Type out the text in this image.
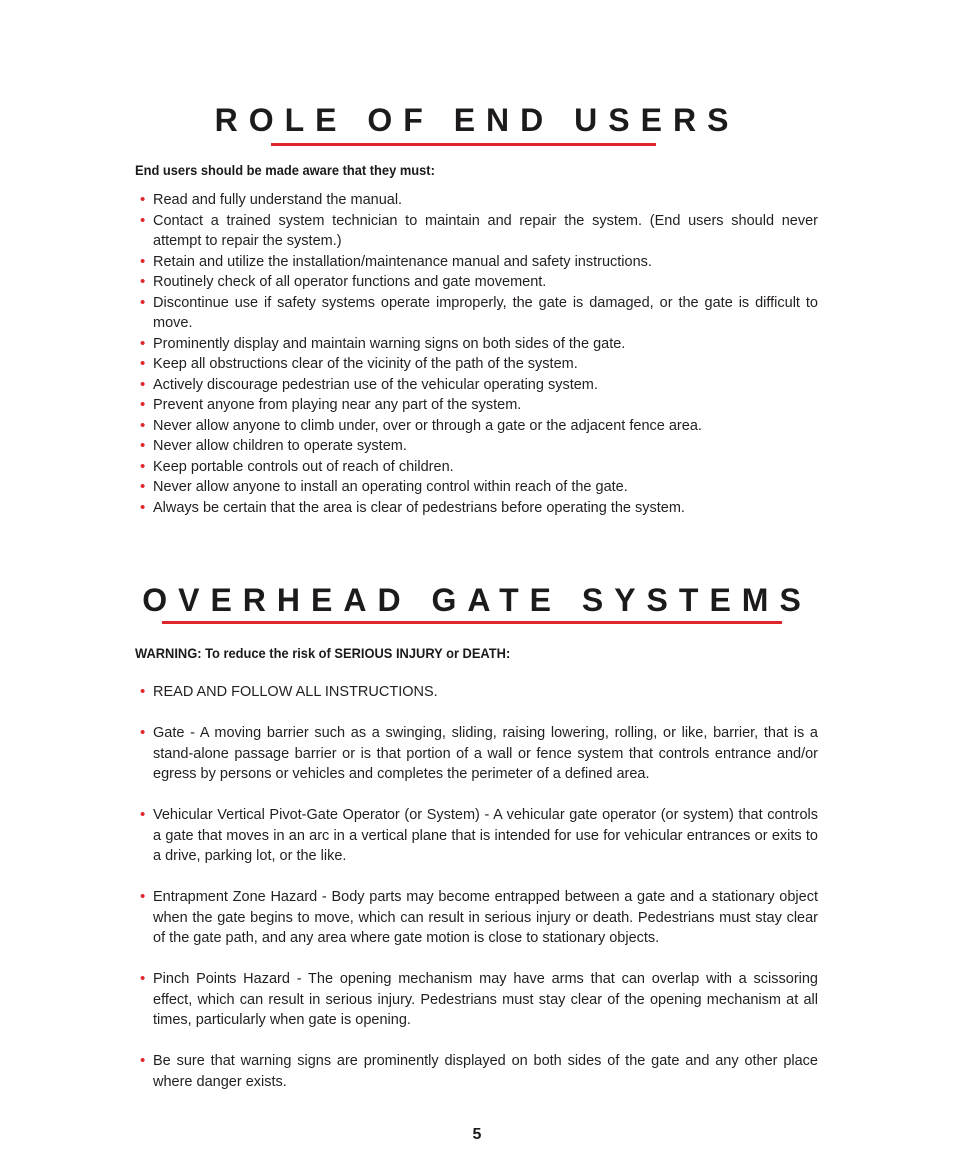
ROLE OF END USERS
End users should be made aware that they must:
• Read and fully understand the manual.
• Contact a trained system technician to maintain and repair the system. (End users should never attempt to repair the system.)
• Retain and utilize the installation/maintenance manual and safety instructions.
• Routinely check of all operator functions and gate movement.
• Discontinue use if safety systems operate improperly, the gate is damaged, or the gate is difficult to move.
• Prominently display and maintain warning signs on both sides of the gate.
• Keep all obstructions clear of the vicinity of the path of the system.
• Actively discourage pedestrian use of the vehicular operating system.
• Prevent anyone from playing near any part of the system.
• Never allow anyone to climb under, over or through a gate or the adjacent fence area.
• Never allow children to operate system.
• Keep portable controls out of reach of children.
• Never allow anyone to install an operating control within reach of the gate.
• Always be certain that the area is clear of pedestrians before operating the system.
OVERHEAD GATE SYSTEMS
WARNING: To reduce the risk of SERIOUS INJURY or DEATH:
• READ AND FOLLOW ALL INSTRUCTIONS.
• Gate - A moving barrier such as a swinging, sliding, raising lowering, rolling, or like, barrier, that is a stand-alone passage barrier or is that portion of a wall or fence system that controls entrance and/or egress by persons or vehicles and completes the perimeter of a defined area.
• Vehicular Vertical Pivot-Gate Operator (or System) - A vehicular gate operator (or system) that controls a gate that moves in an arc in a vertical plane that is intended for use for vehicular entrances or exits to a drive, parking lot, or the like.
• Entrapment Zone Hazard - Body parts may become entrapped between a gate and a stationary object when the gate begins to move, which can result in serious injury or death. Pedestrians must stay clear of the gate path, and any area where gate motion is close to stationary objects.
• Pinch Points Hazard - The opening mechanism may have arms that can overlap with a scissoring effect, which can result in serious injury. Pedestrians must stay clear of the opening mechanism at all times, particularly when gate is opening.
• Be sure that warning signs are prominently displayed on both sides of the gate and any other place where danger exists.
5
